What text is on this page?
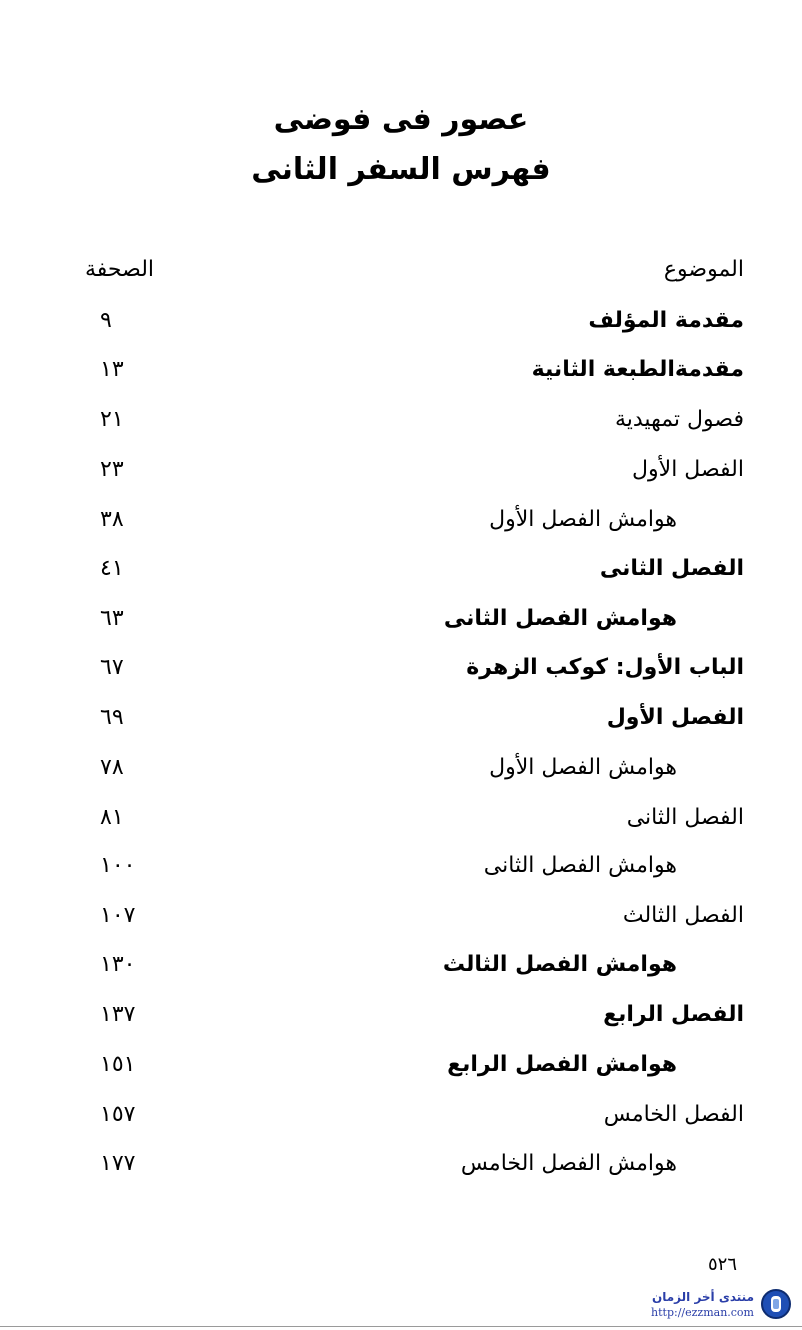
عصور فى فوضى
فهرس السفر الثانى
الموضوع
الصحفة
مقدمة المؤلف
٩
مقدمةالطبعة الثانية
١٣
فصول تمهيدية
٢١
الفصل الأول
٢٣
هوامش الفصل الأول
٣٨
الفصل الثانى
٤١
هوامش الفصل الثانى
٦٣
الباب الأول: كوكب الزهرة
٦٧
الفصل الأول
٦٩
هوامش الفصل الأول
٧٨
الفصل الثانى
٨١
هوامش الفصل الثانى
١٠٠
الفصل الثالث
١٠٧
هوامش الفصل الثالث
١٣٠
الفصل الرابع
١٣٧
هوامش الفصل الرابع
١٥١
الفصل الخامس
١٥٧
هوامش الفصل الخامس
١٧٧
٥٢٦
منتدى أخر الزمان
http://ezzman.com
